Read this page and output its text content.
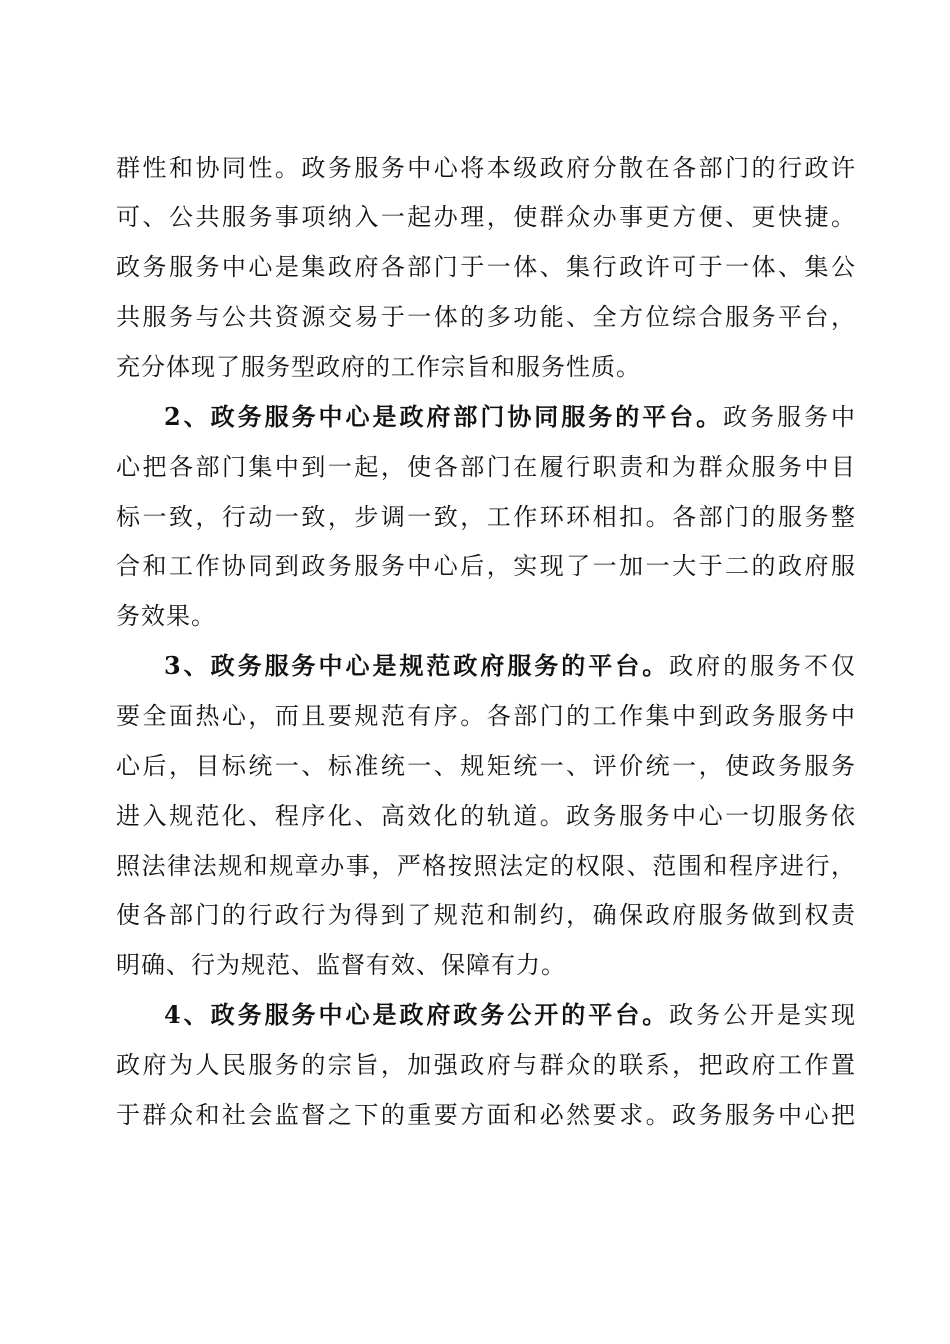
群性和协同性。政务服务中心将本级政府分散在各部门的行政许
可、公共服务事项纳入一起办理，使群众办事更方便、更快捷。
政务服务中心是集政府各部门于一体、集行政许可于一体、集公
共服务与公共资源交易于一体的多功能、全方位综合服务平台，
充分体现了服务型政府的工作宗旨和服务性质。
2、政务服务中心是政府部门协同服务的平台。政务服务中
心把各部门集中到一起，使各部门在履行职责和为群众服务中目
标一致，行动一致，步调一致，工作环环相扣。各部门的服务整
合和工作协同到政务服务中心后，实现了一加一大于二的政府服
务效果。
3、政务服务中心是规范政府服务的平台。政府的服务不仅
要全面热心，而且要规范有序。各部门的工作集中到政务服务中
心后，目标统一、标准统一、规矩统一、评价统一，使政务服务
进入规范化、程序化、高效化的轨道。政务服务中心一切服务依
照法律法规和规章办事，严格按照法定的权限、范围和程序进行，
使各部门的行政行为得到了规范和制约，确保政府服务做到权责
明确、行为规范、监督有效、保障有力。
4、政务服务中心是政府政务公开的平台。政务公开是实现
政府为人民服务的宗旨，加强政府与群众的联系，把政府工作置
于群众和社会监督之下的重要方面和必然要求。政务服务中心把
